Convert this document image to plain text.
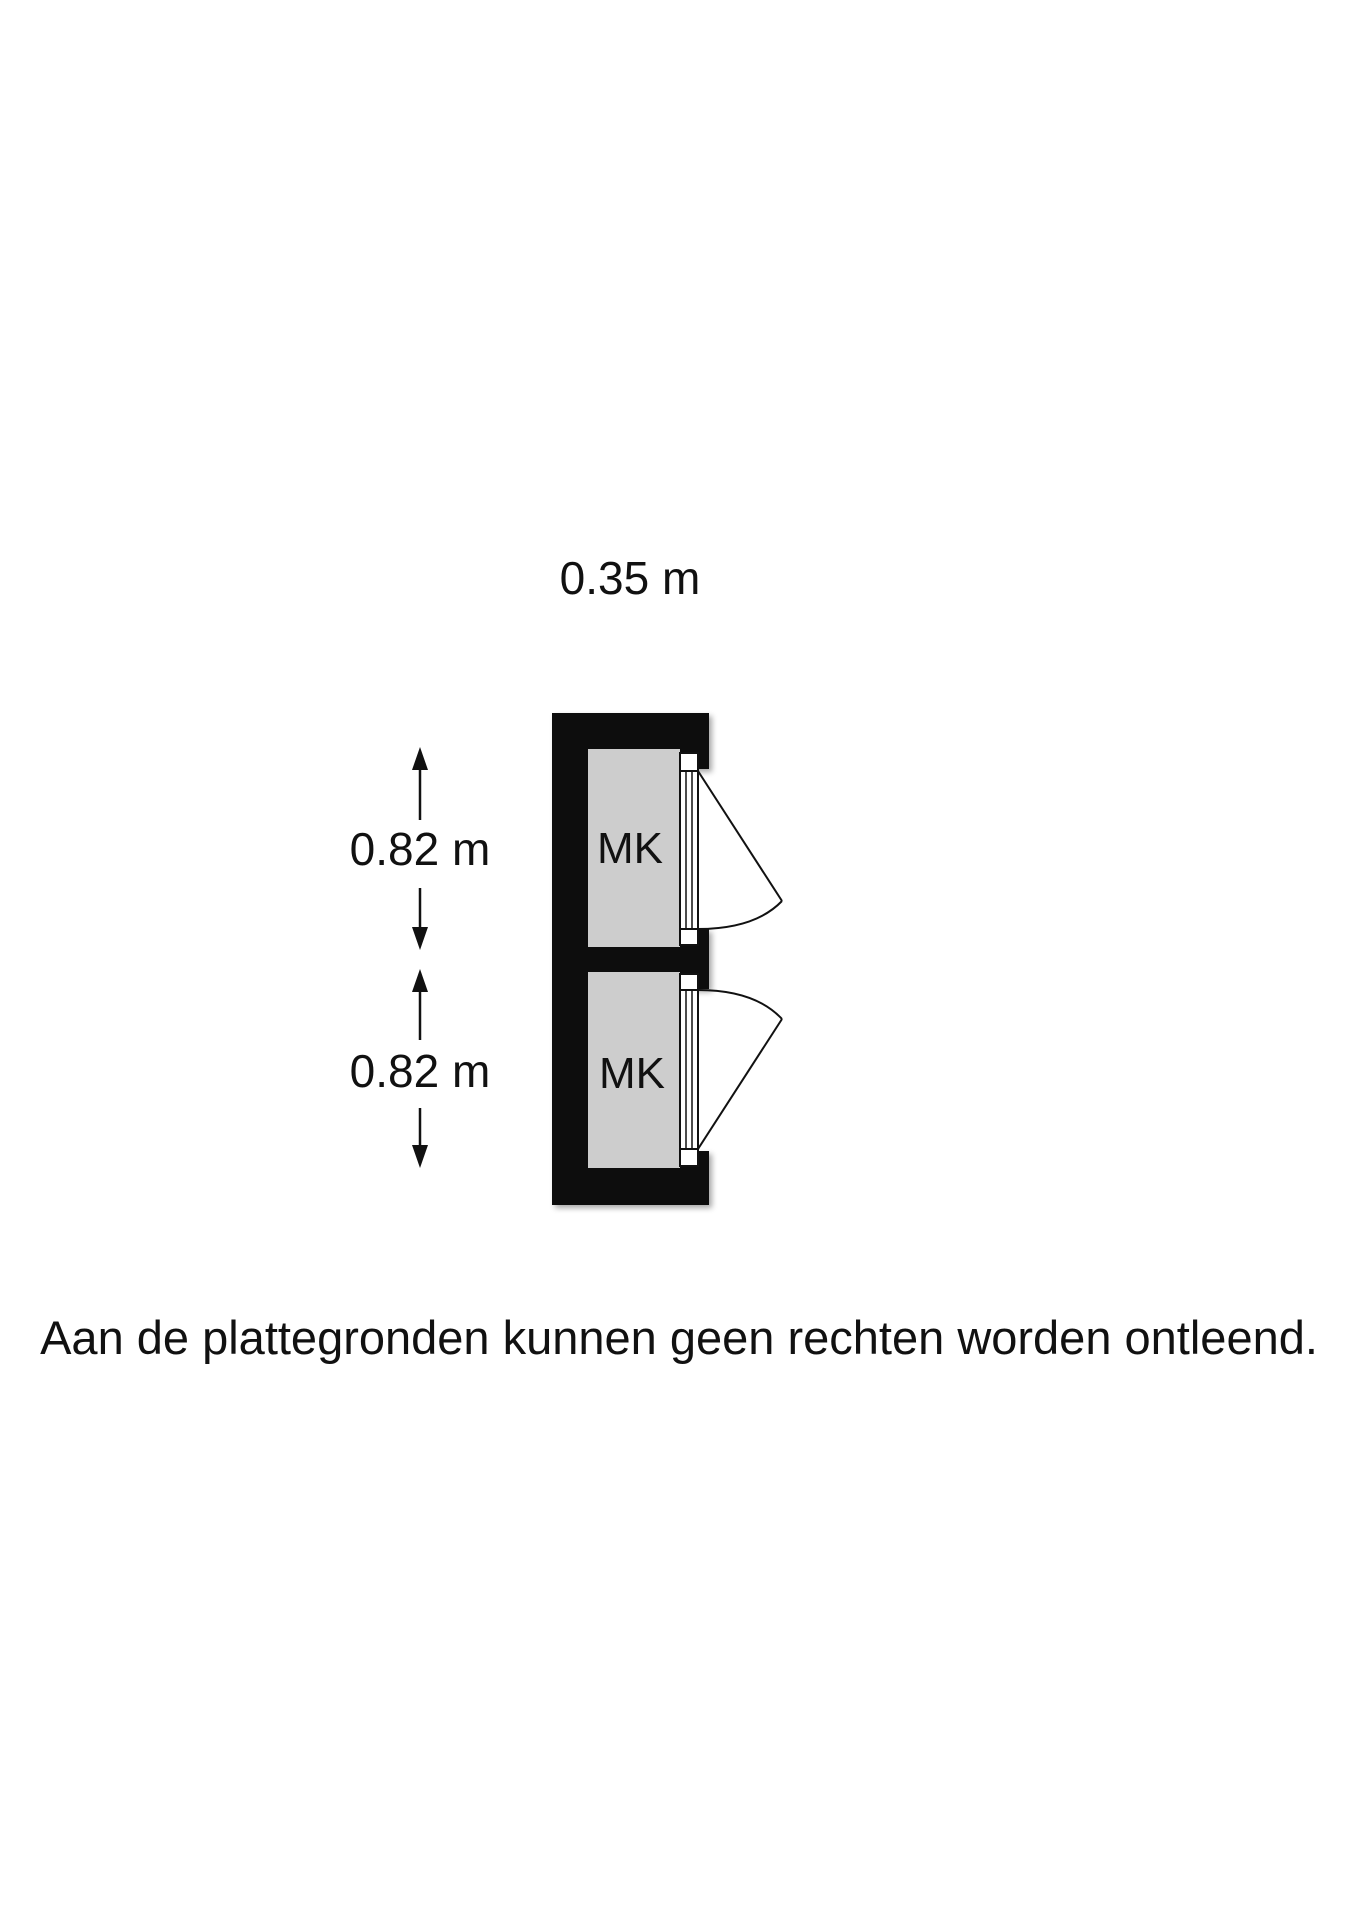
0.35 m
MK
MK
0.82 m
0.82 m
Aan de plattegronden kunnen geen rechten worden ontleend.
